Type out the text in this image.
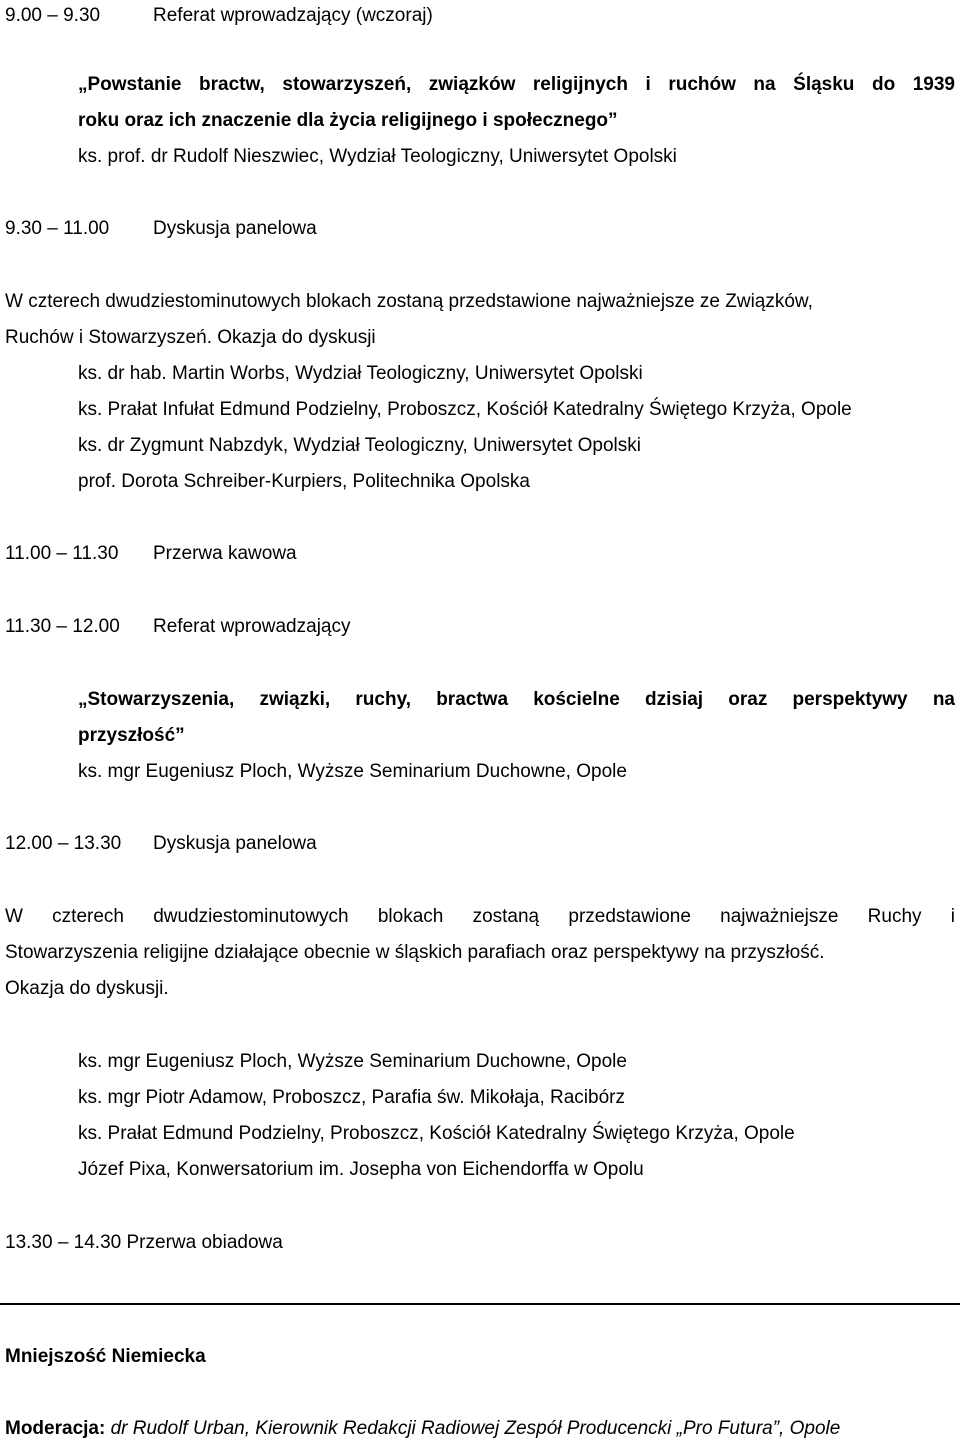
9.00 – 9.30	Referat wprowadzający (wczoraj)
„Powstanie bractw, stowarzyszeń, związków religijnych i ruchów na Śląsku do 1939
roku oraz ich znaczenie dla życia religijnego i społecznego”
ks. prof. dr Rudolf Nieszwiec, Wydział Teologiczny, Uniwersytet Opolski
9.30 – 11.00 Dyskusja panelowa
W czterech dwudziestominutowych blokach zostaną przedstawione najważniejsze ze Związków,
Ruchów i Stowarzyszeń. Okazja do dyskusji
ks. dr hab. Martin Worbs, Wydział Teologiczny, Uniwersytet Opolski
ks. Prałat Infułat Edmund Podzielny, Proboszcz, Kościół Katedralny Świętego Krzyża, Opole
ks. dr Zygmunt Nabzdyk, Wydział Teologiczny, Uniwersytet Opolski
prof. Dorota Schreiber-Kurpiers, Politechnika Opolska
11.00 – 11.30 Przerwa kawowa
11.30 – 12.00 Referat wprowadzający
„Stowarzyszenia, związki, ruchy, bractwa kościelne dzisiaj oraz perspektywy na
przyszłość”
ks. mgr Eugeniusz Ploch, Wyższe Seminarium Duchowne, Opole
12.00 – 13.30 Dyskusja panelowa
W czterech dwudziestominutowych blokach zostaną przedstawione najważniejsze Ruchy i
Stowarzyszenia religijne działające obecnie w śląskich parafiach oraz perspektywy na przyszłość.
Okazja do dyskusji.
ks. mgr Eugeniusz Ploch, Wyższe Seminarium Duchowne, Opole
ks. mgr Piotr Adamow, Proboszcz, Parafia św. Mikołaja, Racibórz
ks. Prałat Edmund Podzielny, Proboszcz, Kościół Katedralny Świętego Krzyża, Opole
Józef Pixa, Konwersatorium im. Josepha von Eichendorffa w Opolu
13.30 – 14.30 Przerwa obiadowa
Mniejszość Niemiecka
Moderacja: dr Rudolf Urban, Kierownik Redakcji Radiowej Zespół Producencki „Pro Futura”, Opole
